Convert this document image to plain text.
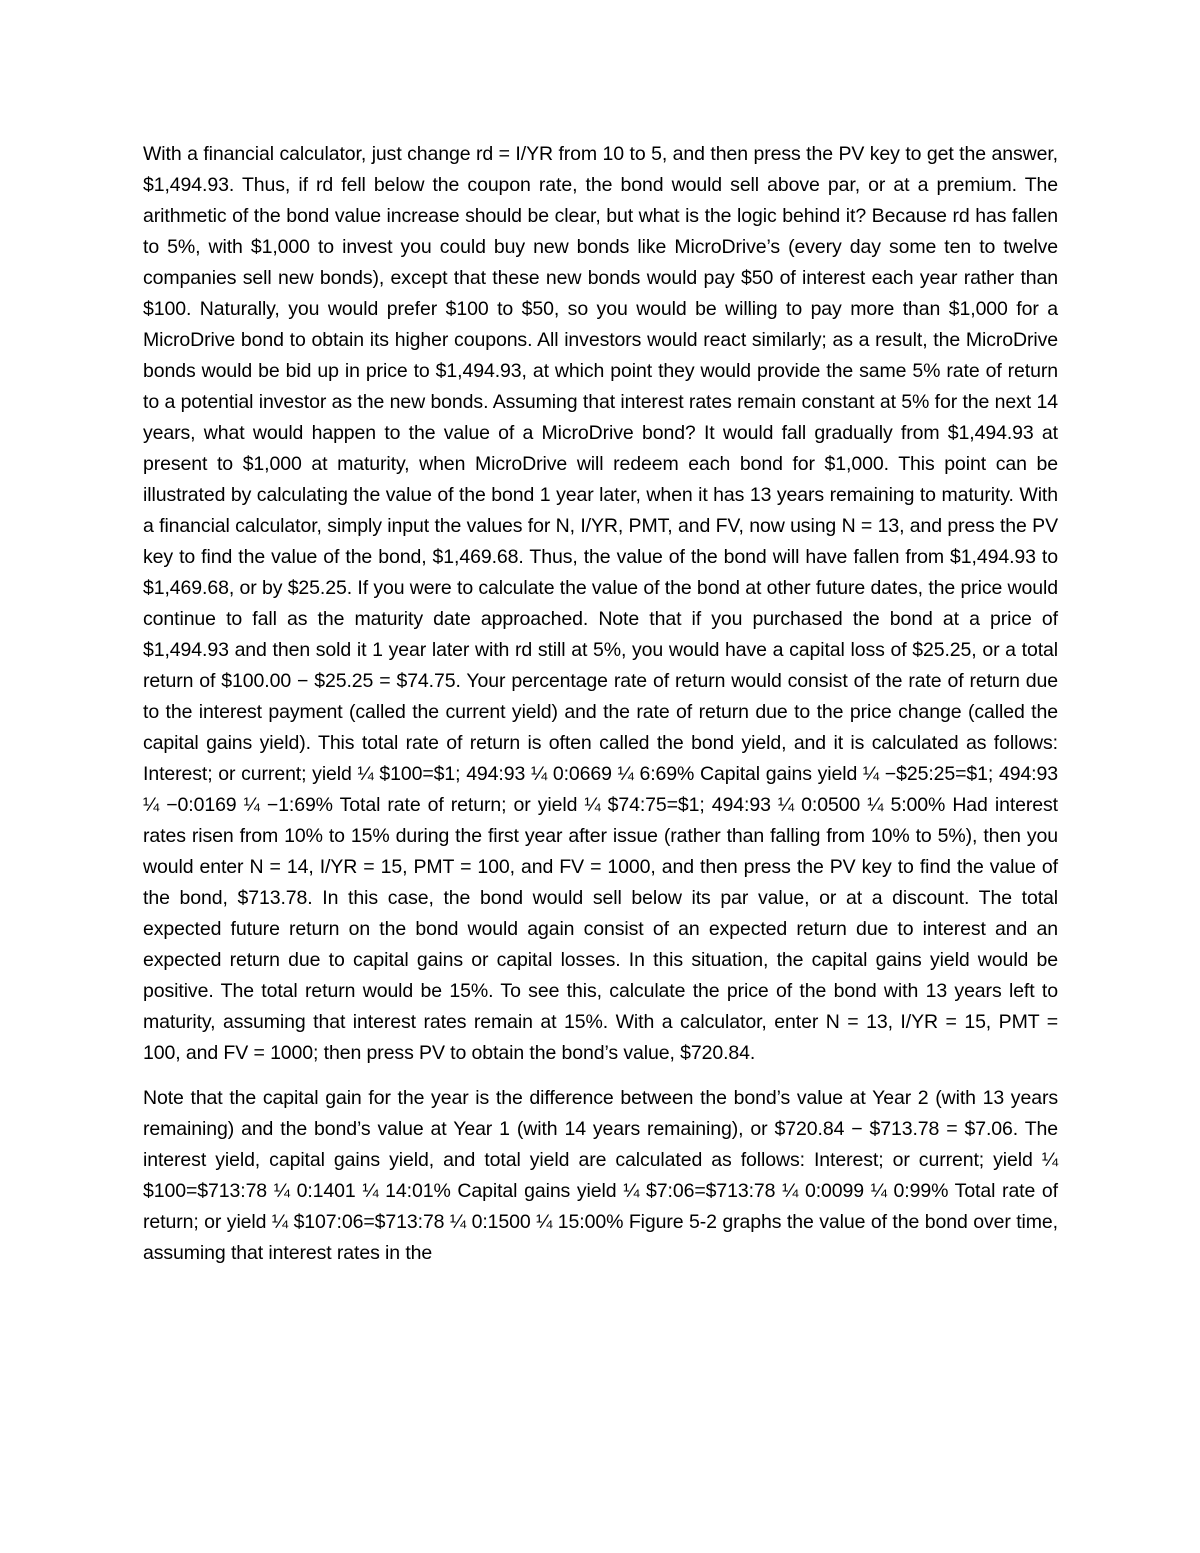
With a financial calculator, just change rd = I/YR from 10 to 5, and then press the PV key to get the answer, $1,494.93. Thus, if rd fell below the coupon rate, the bond would sell above par, or at a premium. The arithmetic of the bond value increase should be clear, but what is the logic behind it? Because rd has fallen to 5%, with $1,000 to invest you could buy new bonds like MicroDrive’s (every day some ten to twelve companies sell new bonds), except that these new bonds would pay $50 of interest each year rather than $100. Naturally, you would prefer $100 to $50, so you would be willing to pay more than $1,000 for a MicroDrive bond to obtain its higher coupons. All investors would react similarly; as a result, the MicroDrive bonds would be bid up in price to $1,494.93, at which point they would provide the same 5% rate of return to a potential investor as the new bonds. Assuming that interest rates remain constant at 5% for the next 14 years, what would happen to the value of a MicroDrive bond? It would fall gradually from $1,494.93 at present to $1,000 at maturity, when MicroDrive will redeem each bond for $1,000. This point can be illustrated by calculating the value of the bond 1 year later, when it has 13 years remaining to maturity. With a financial calculator, simply input the values for N, I/YR, PMT, and FV, now using N = 13, and press the PV key to find the value of the bond, $1,469.68. Thus, the value of the bond will have fallen from $1,494.93 to $1,469.68, or by $25.25. If you were to calculate the value of the bond at other future dates, the price would continue to fall as the maturity date approached. Note that if you purchased the bond at a price of $1,494.93 and then sold it 1 year later with rd still at 5%, you would have a capital loss of $25.25, or a total return of $100.00 − $25.25 = $74.75. Your percentage rate of return would consist of the rate of return due to the interest payment (called the current yield) and the rate of return due to the price change (called the capital gains yield). This total rate of return is often called the bond yield, and it is calculated as follows: Interest; or current; yield ¼ $100=$1; 494:93 ¼ 0:0669 ¼ 6:69% Capital gains yield ¼ −$25:25=$1; 494:93 ¼ −0:0169 ¼ −1:69% Total rate of return; or yield ¼ $74:75=$1; 494:93 ¼ 0:0500 ¼ 5:00% Had interest rates risen from 10% to 15% during the first year after issue (rather than falling from 10% to 5%), then you would enter N = 14, I/YR = 15, PMT = 100, and FV = 1000, and then press the PV key to find the value of the bond, $713.78. In this case, the bond would sell below its par value, or at a discount. The total expected future return on the bond would again consist of an expected return due to interest and an expected return due to capital gains or capital losses. In this situation, the capital gains yield would be positive. The total return would be 15%. To see this, calculate the price of the bond with 13 years left to maturity, assuming that interest rates remain at 15%. With a calculator, enter N = 13, I/YR = 15, PMT = 100, and FV = 1000; then press PV to obtain the bond’s value, $720.84.

Note that the capital gain for the year is the difference between the bond’s value at Year 2 (with 13 years remaining) and the bond’s value at Year 1 (with 14 years remaining), or $720.84 − $713.78 = $7.06. The interest yield, capital gains yield, and total yield are calculated as follows: Interest; or current; yield ¼ $100=$713:78 ¼ 0:1401 ¼ 14:01% Capital gains yield ¼ $7:06=$713:78 ¼ 0:0099 ¼ 0:99% Total rate of return; or yield ¼ $107:06=$713:78 ¼ 0:1500 ¼ 15:00% Figure 5-2 graphs the value of the bond over time, assuming that interest rates in the
